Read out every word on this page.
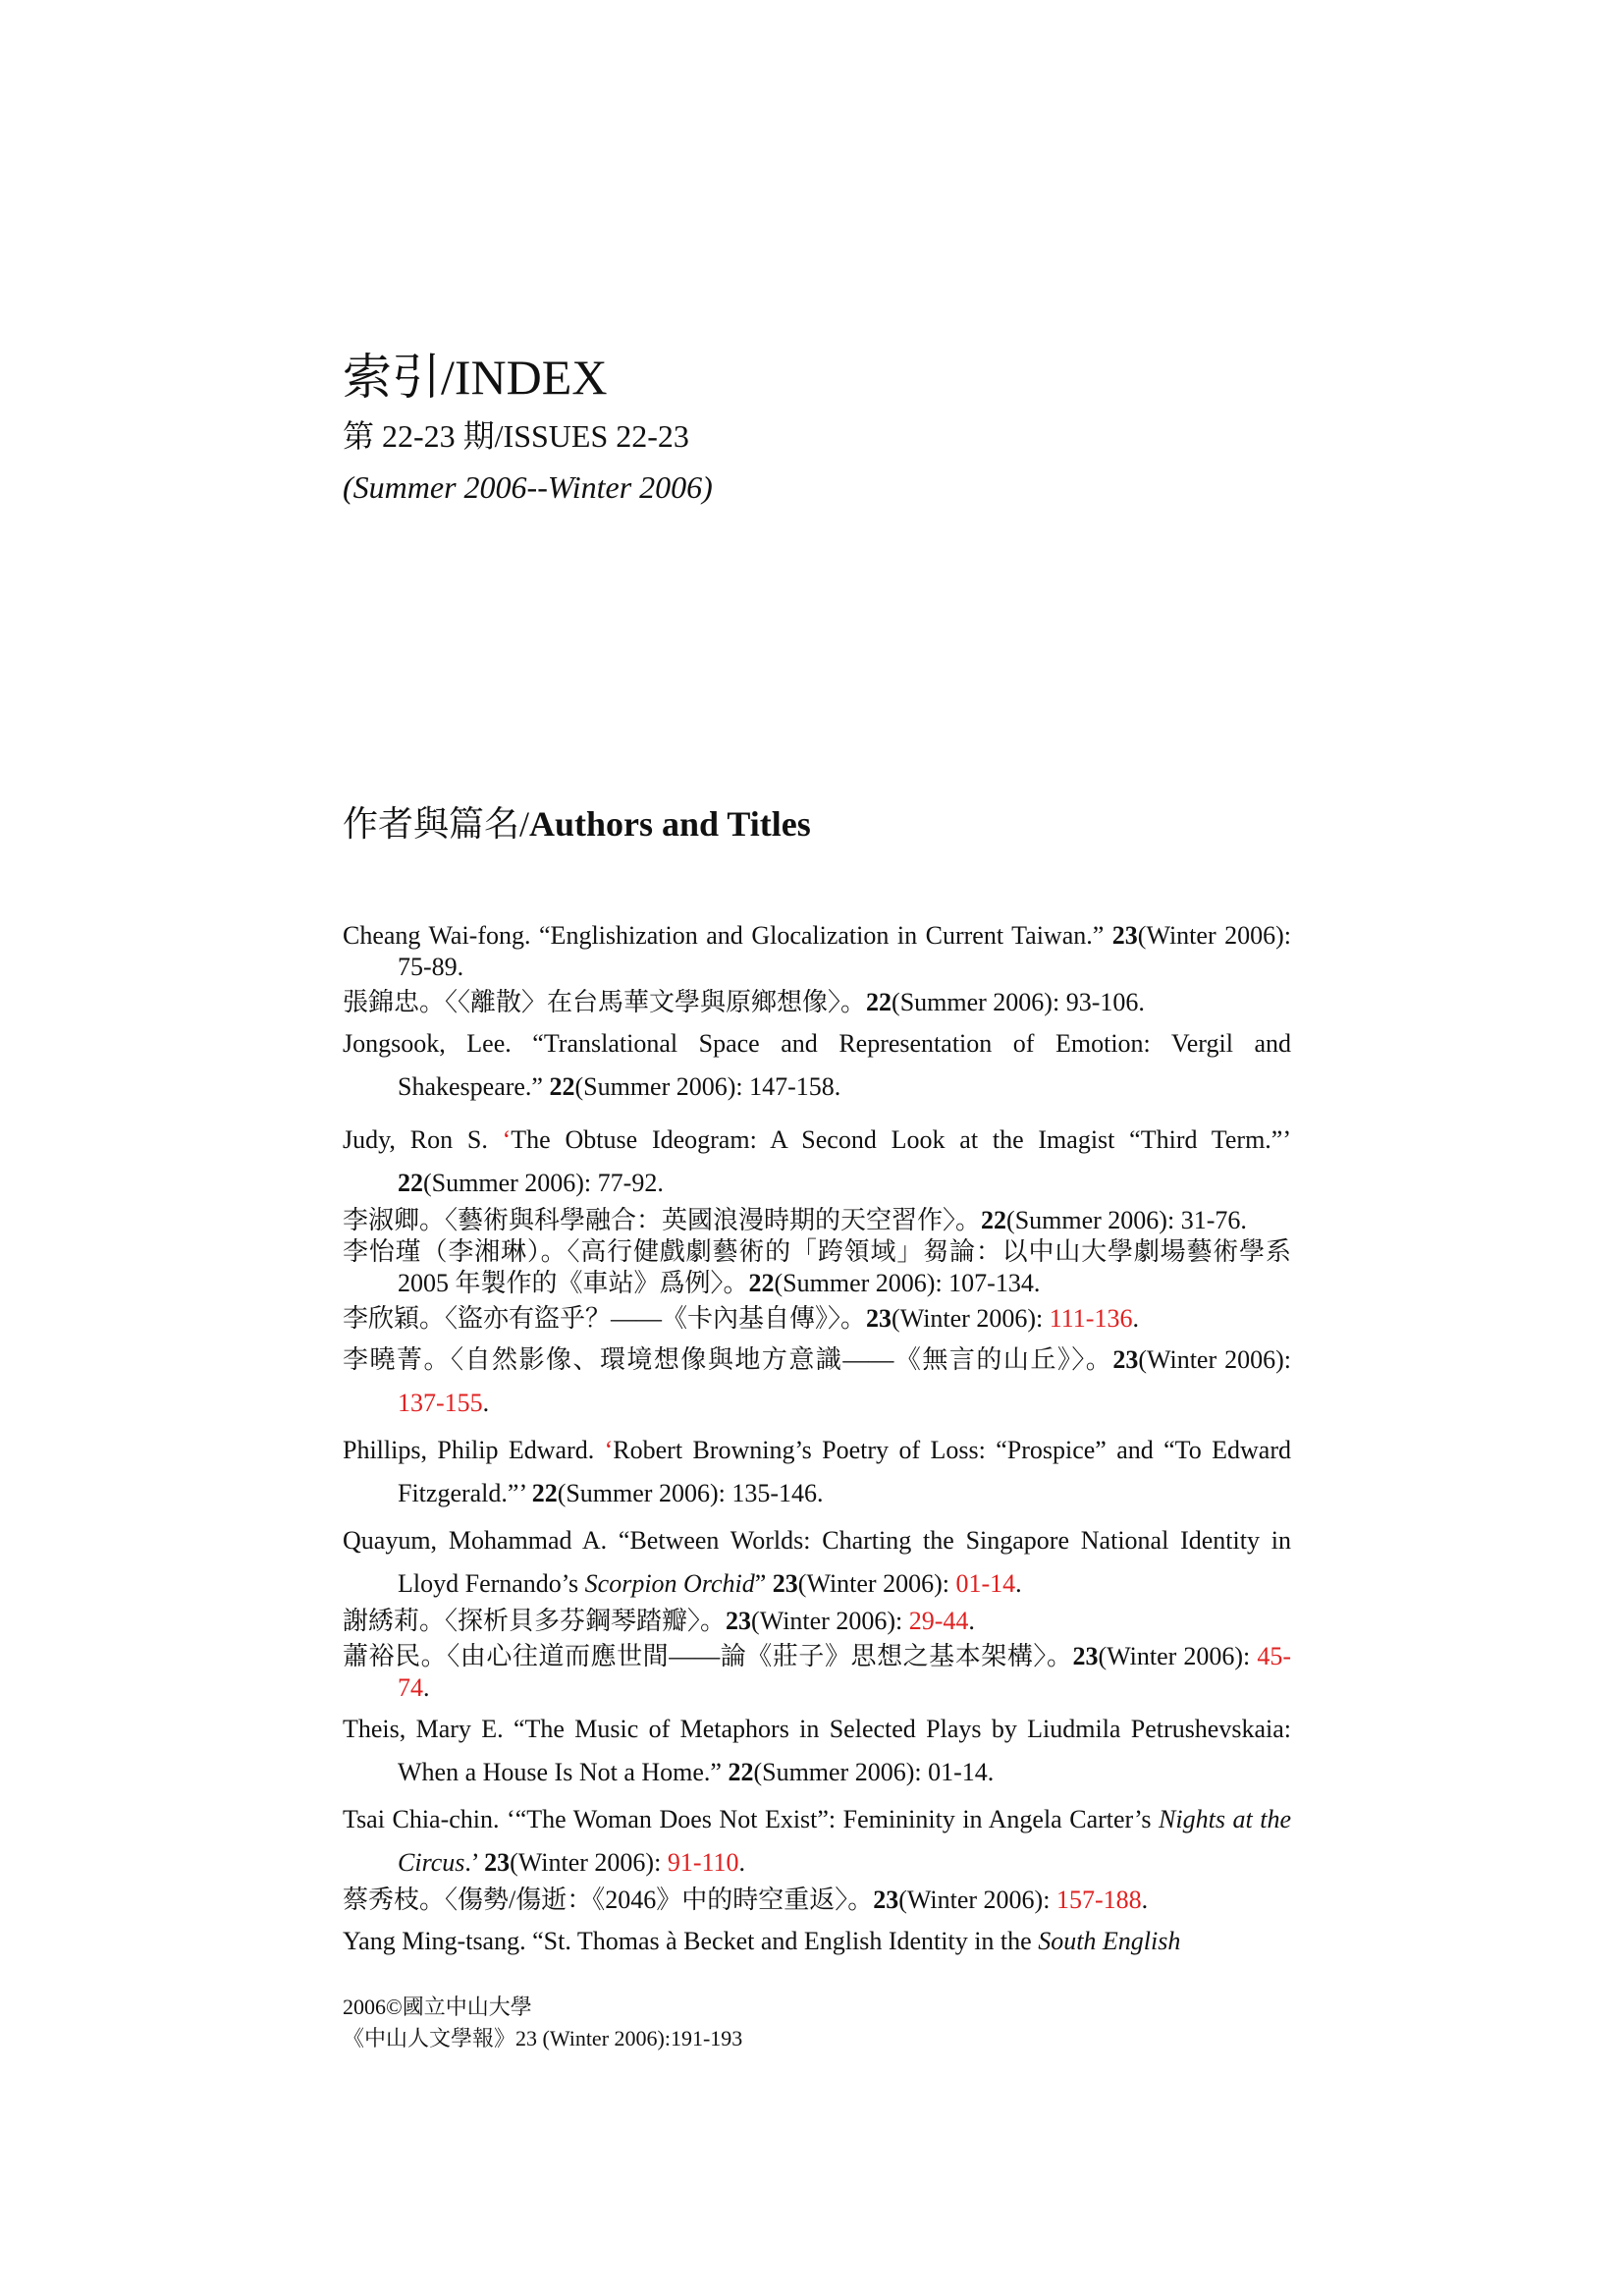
索引/INDEX
第 22-23 期/ISSUES 22-23
(Summer 2006--Winter 2006)
作者與篇名/Authors and Titles

Cheang Wai-fong. “Englishization and Glocalization in Current Taiwan.” 23(Winter 2006): 75-89.

張錦忠。〈〈離散〉在台馬華文學與原鄉想像〉。22(Summer 2006): 93-106.

Jongsook, Lee. “Translational Space and Representation of Emotion: Vergil and Shakespeare.” 22(Summer 2006): 147-158.

Judy, Ron S. ‘The Obtuse Ideogram: A Second Look at the Imagist “Third Term.”’ 22(Summer 2006): 77-92.

李淑卿。〈藝術與科學融合：英國浪漫時期的天空習作〉。22(Summer 2006): 31-76.

李怡瑾（李湘琳）。〈高行健戲劇藝術的「跨領域」芻論：以中山大學劇場藝術學系 2005 年製作的《車站》爲例〉。22(Summer 2006): 107-134.

李欣穎。〈盜亦有盜乎？——《卡內基自傳》〉。23(Winter 2006): 111-136.

李曉菁。〈自然影像、環境想像與地方意識——《無言的山丘》〉。23(Winter 2006): 137-155.

Phillips, Philip Edward. ‘Robert Browning’s Poetry of Loss: “Prospice” and “To Edward Fitzgerald.”’ 22(Summer 2006): 135-146.

Quayum, Mohammad A. “Between Worlds: Charting the Singapore National Identity in Lloyd Fernando’s Scorpion Orchid” 23(Winter 2006): 01-14.

謝綉莉。〈探析貝多芬鋼琴踏瓣〉。23(Winter 2006): 29-44.

蕭裕民。〈由心往道而應世間——論《莊子》思想之基本架構〉。23(Winter 2006): 45-74.

Theis, Mary E. “The Music of Metaphors in Selected Plays by Liudmila Petrushevskaia: When a House Is Not a Home.” 22(Summer 2006): 01-14.

Tsai Chia-chin. ‘“The Woman Does Not Exist”: Femininity in Angela Carter’s Nights at the Circus.’ 23(Winter 2006): 91-110.

蔡秀枝。〈傷勢/傷逝：《2046》中的時空重返〉。23(Winter 2006): 157-188.

Yang Ming-tsang. “St. Thomas à Becket and English Identity in the South English

2006©國立中山大學
《中山人文學報》23 (Winter 2006):191-193
